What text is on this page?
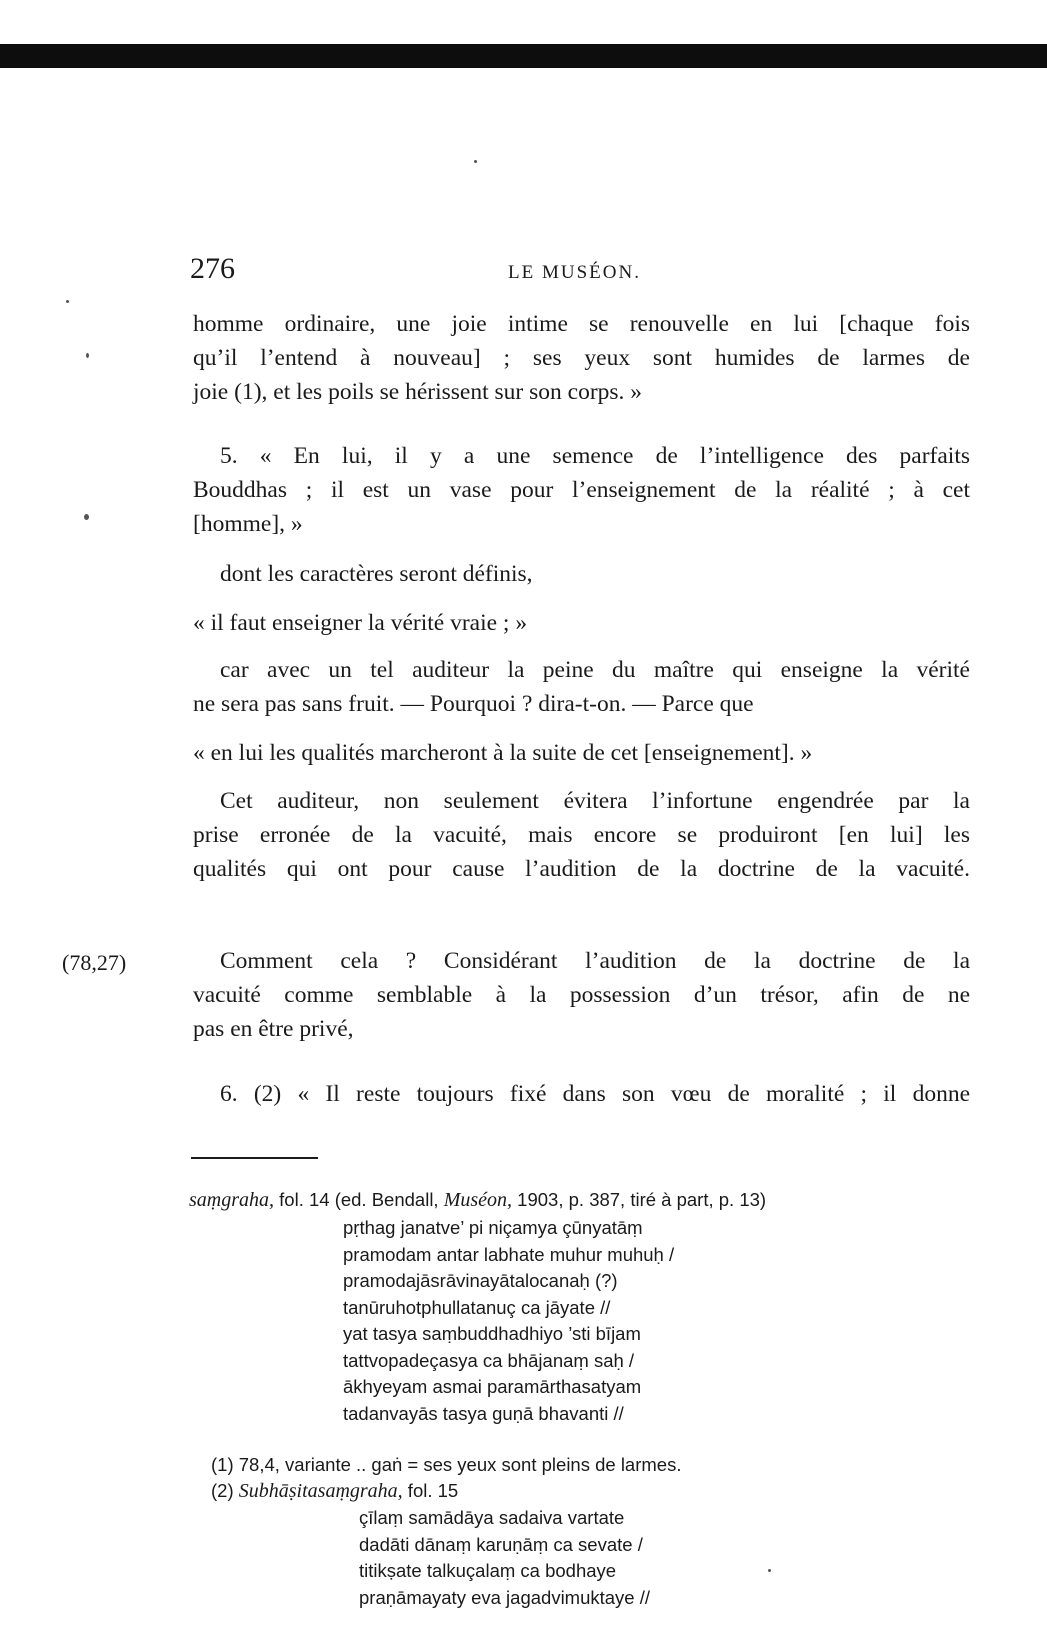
276	LE MUSÉON.

homme ordinaire, une joie intime se renouvelle en lui [chaque fois
qu’il l’entend à nouveau] ; ses yeux sont humides de larmes de
joie (1), et les poils se hérissent sur son corps. »

5. « En lui, il y a une semence de l’intelligence des parfaits
Bouddhas ; il est un vase pour l’enseignement de la réalité ; à cet
[homme], »

dont les caractères seront définis,

« il faut enseigner la vérité vraie ; »

car avec un tel auditeur la peine du maître qui enseigne la vérité
ne sera pas sans fruit. — Pourquoi ? dira-t-on. — Parce que

« en lui les qualités marcheront à la suite de cet [enseignement]. »

Cet auditeur, non seulement évitera l’infortune engendrée par la
prise erronée de la vacuité, mais encore se produiront [en lui] les
qualités qui ont pour cause l’audition de la doctrine de la vacuité.

(78,27)	Comment cela ? Considérant l’audition de la doctrine de la
vacuité comme semblable à la possession d’un trésor, afin de ne
pas en être privé,

6. (2) « Il reste toujours fixé dans son vœu de moralité ; il donne

saṃgraha, fol. 14 (ed. Bendall, Muséon, 1903, p. 387, tiré à part, p. 13)

pṛthag janatve’ pi niçamya çūnyatāṃ
pramodam antar labhate muhur muhuḥ /
pramodajāsrāvinayātalocanaḥ (?)
tanūruhotphullatanuç ca jāyate //
yat tasya saṃbuddhadhiyo ’sti bījam
tattvopadeçasya ca bhājanaṃ saḥ /
ākhyeyam asmai paramārthasatyam
tadanvayās tasya guṇā bhavanti //

(1) 78,4, variante .. gaṅ = ses yeux sont pleins de larmes.

(2) Subhāṣitasaṃgraha, fol. 15

çīlaṃ samādāya sadaiva vartate
dadāti dānaṃ karuṇāṃ ca sevate /
titikṣate talkuçalaṃ ca bodhaye
praṇāmayaty eva jagadvimuktaye //
